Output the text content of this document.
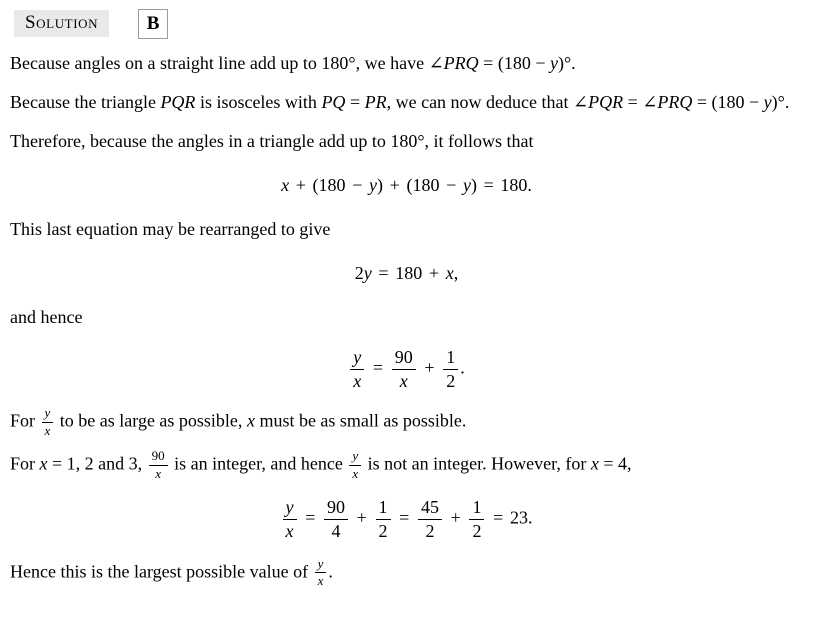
Solution	B
Because angles on a straight line add up to 180°, we have ∠PRQ = (180 − y)°.
Because the triangle PQR is isosceles with PQ = PR, we can now deduce that ∠PQR = ∠PRQ = (180 − y)°.
Therefore, because the angles in a triangle add up to 180°, it follows that
x + (180 − y) + (180 − y) = 180.
This last equation may be rearranged to give
2y = 180 + x,
and hence
$\frac{y}{x} = \frac{90}{x} + \frac{1}{2}$ .
For $\frac{y}{x}$ to be as large as possible, x must be as small as possible.
For x = 1, 2 and 3, $\frac{90}{x}$ is an integer, and hence $\frac{y}{x}$ is not an integer. However, for x = 4,
$\frac{y}{x} = \frac{90}{4} + \frac{1}{2} = \frac{45}{2} + \frac{1}{2} = 23$.
Hence this is the largest possible value of $\frac{y}{x}$ .
